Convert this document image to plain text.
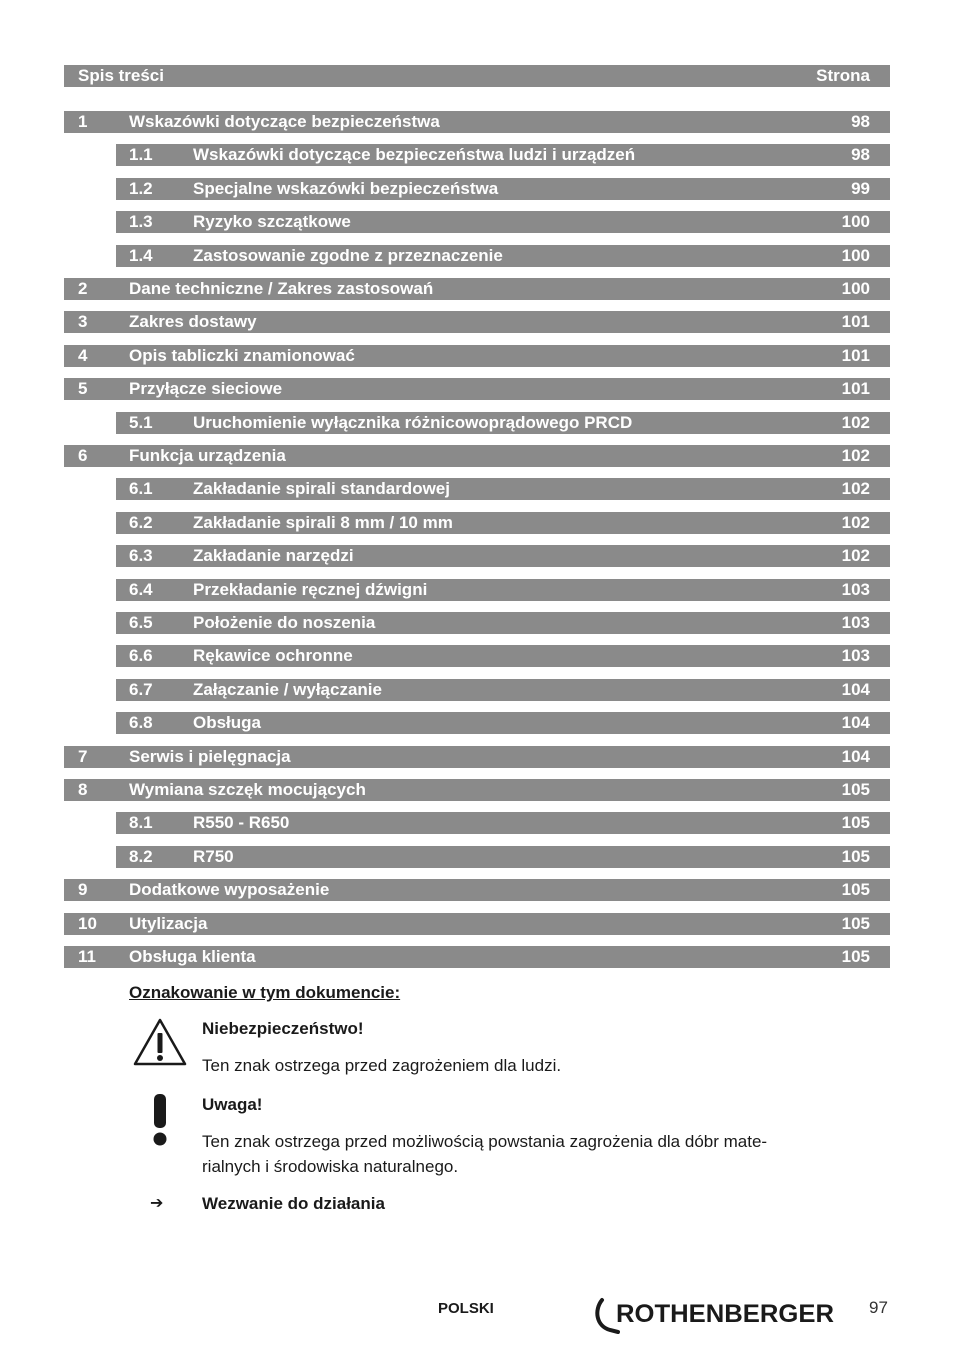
Spis treści	Strona
1 Wskazówki dotyczące bezpieczeństwa	98
1.1 Wskazówki dotyczące bezpieczeństwa ludzi i urządzeń	98
1.2 Specjalne wskazówki bezpieczeństwa	99
1.3 Ryzyko szczątkowe	100
1.4 Zastosowanie zgodne z przeznaczenie	100
2 Dane techniczne / Zakres zastosowań	100
3 Zakres dostawy	101
4 Opis tabliczki znamionować	101
5 Przyłącze sieciowe	101
5.1 Uruchomienie wyłącznika różnicowoprądowego PRCD	102
6 Funkcja urządzenia	102
6.1 Zakładanie spirali standardowej	102
6.2 Zakładanie spirali 8 mm / 10 mm	102
6.3 Zakładanie narzędzi	102
6.4 Przekładanie ręcznej dźwigni	103
6.5 Położenie do noszenia	103
6.6 Rękawice ochronne	103
6.7 Załączanie / wyłączanie	104
6.8 Obsługa	104
7 Serwis i pielęgnacja	104
8 Wymiana szczęk mocujących	105
8.1 R550 - R650	105
8.2 R750	105
9 Dodatkowe wyposażenie	105
10 Utylizacja	105
11 Obsługa klienta	105
Oznakowanie w tym dokumencie:
Niebezpieczeństwo!
Ten znak ostrzega przed zagrożeniem dla ludzi.
Uwaga!
Ten znak ostrzega przed możliwością powstania zagrożenia dla dóbr mate-
rialnych i środowiska naturalnego.
➔ Wezwanie do działania
POLSKI	ROTHENBERGER 97
